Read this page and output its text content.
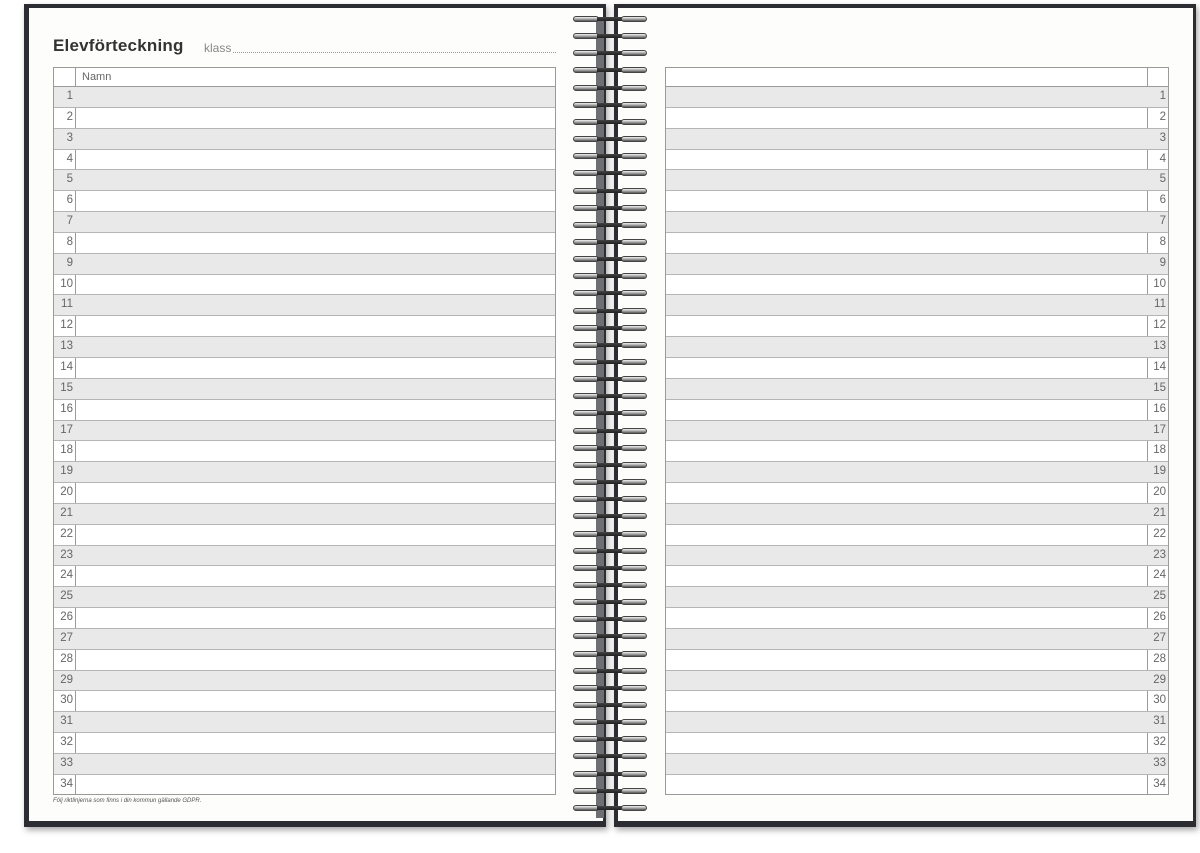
Elevförteckning klass
Namn
1
2
3
4
5
6
7
8
9
10
11
12
13
14
15
16
17
18
19
20
21
22
23
24
25
26
27
28
29
30
31
32
33
34
1
2
3
4
5
6
7
8
9
10
11
12
13
14
15
16
17
18
19
20
21
22
23
24
25
26
27
28
29
30
31
32
33
34
Följ riktlinjerna som finns i din kommun gällande GDPR.
